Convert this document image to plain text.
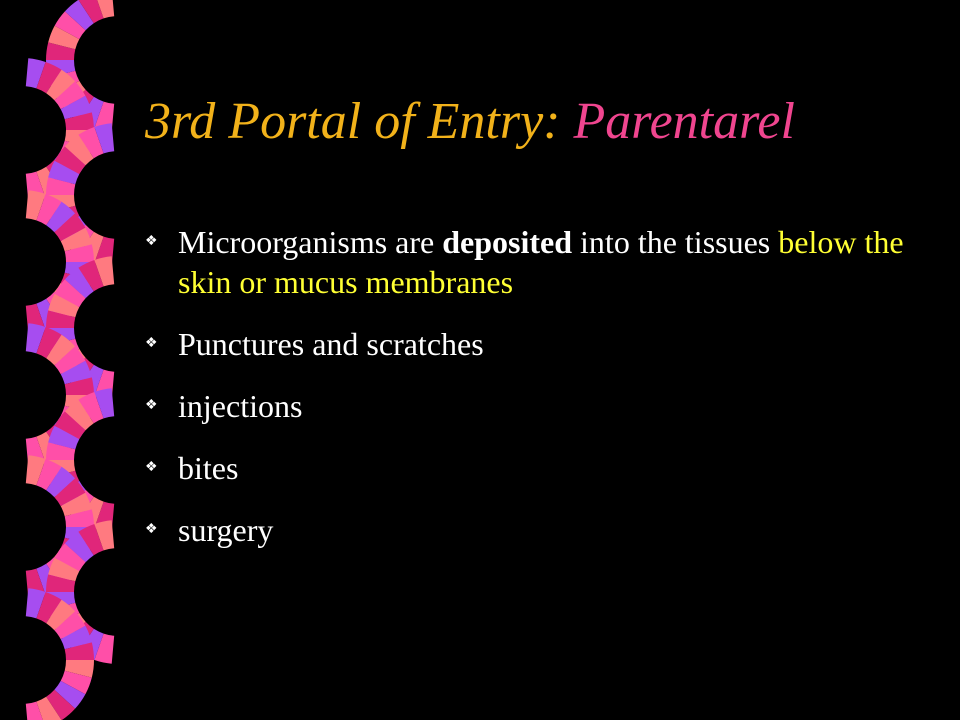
3rd Portal of Entry: Parentarel
❖ Microorganisms are deposited into the tissues below the skin or mucus membranes
❖ Punctures and scratches
❖ injections
❖ bites
❖ surgery
